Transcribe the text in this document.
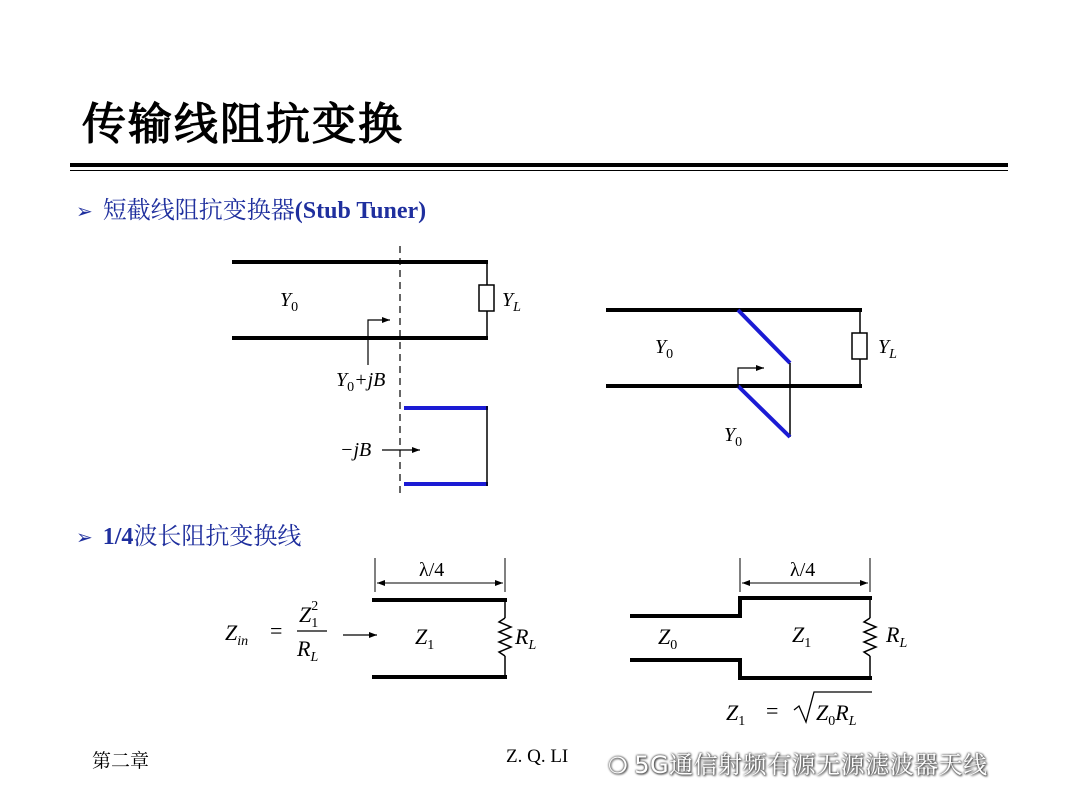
传输线阻抗变换
➢ 短截线阻抗变换器(Stub Tuner)
➢ 1/4波长阻抗变换线
$Y_0$	$Y_L$
$Y_0+jB$
−jB
$Y_0$	$Y_L$
$Y_0$
λ/4
$Z_{in}$ =
$Z^2$ 1
$R_L$
$Z_1$	$R_L$
λ/4
$Z_0$	$Z_1$	$R_L$
$Z_1 = Z_0R_L$
第二章	Z. Q. LI ❍ 5G通信射频有源无源滤波器天线
